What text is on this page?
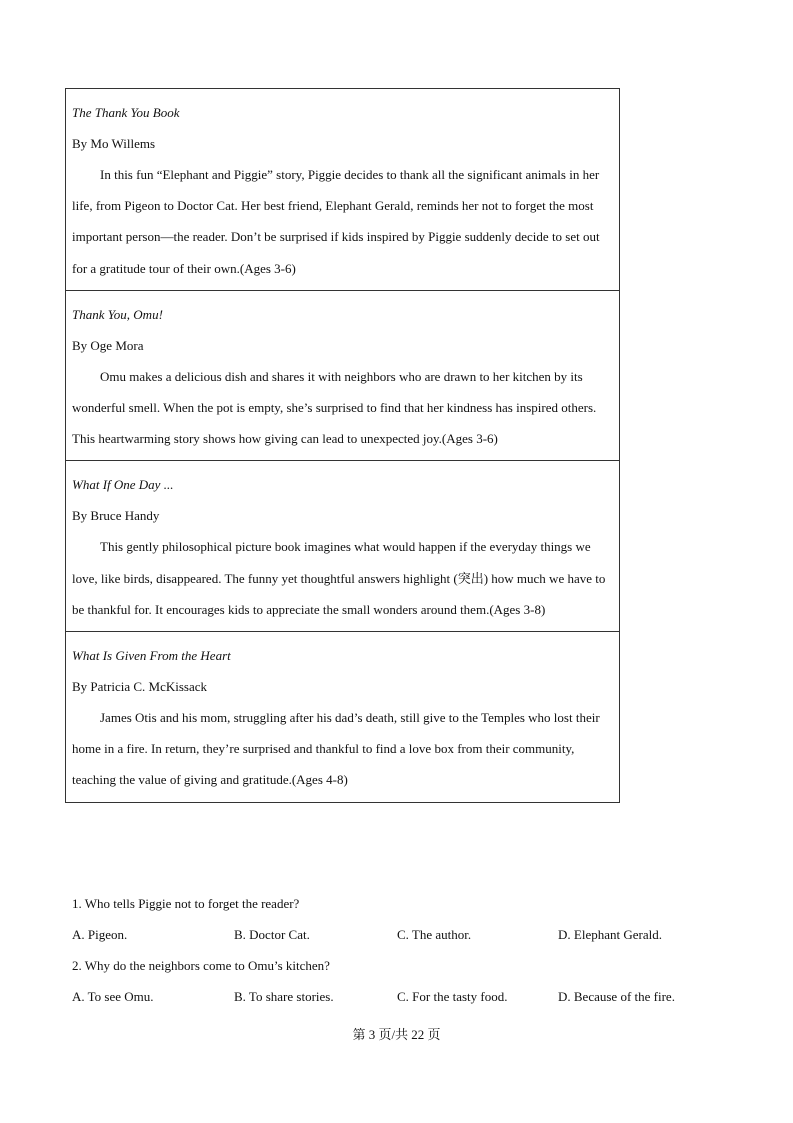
The Thank You Book
By Mo Willems

In this fun “Elephant and Piggie” story, Piggie decides to thank all the significant animals in her life, from Pigeon to Doctor Cat. Her best friend, Elephant Gerald, reminds her not to forget the most important person—the reader. Don’t be surprised if kids inspired by Piggie suddenly decide to set out for a gratitude tour of their own.(Ages 3-6)

Thank You, Omu!
By Oge Mora

Omu makes a delicious dish and shares it with neighbors who are drawn to her kitchen by its wonderful smell. When the pot is empty, she’s surprised to find that her kindness has inspired others. This heartwarming story shows how giving can lead to unexpected joy.(Ages 3-6)

What If One Day ...
By Bruce Handy

This gently philosophical picture book imagines what would happen if the everyday things we love, like birds, disappeared. The funny yet thoughtful answers highlight (突出) how much we have to be thankful for. It encourages kids to appreciate the small wonders around them.(Ages 3-8)

What Is Given From the Heart
By Patricia C. McKissack

James Otis and his mom, struggling after his dad’s death, still give to the Temples who lost their home in a fire. In return, they’re surprised and thankful to find a love box from their community, teaching the value of giving and gratitude.(Ages 4-8)

1. Who tells Piggie not to forget the reader?
A. Pigeon.	B. Doctor Cat.	C. The author.	D. Elephant Gerald.
2. Why do the neighbors come to Omu’s kitchen?
A. To see Omu.	B. To share stories.	C. For the tasty food.	D. Because of the fire.
第 3 页/共 22 页
